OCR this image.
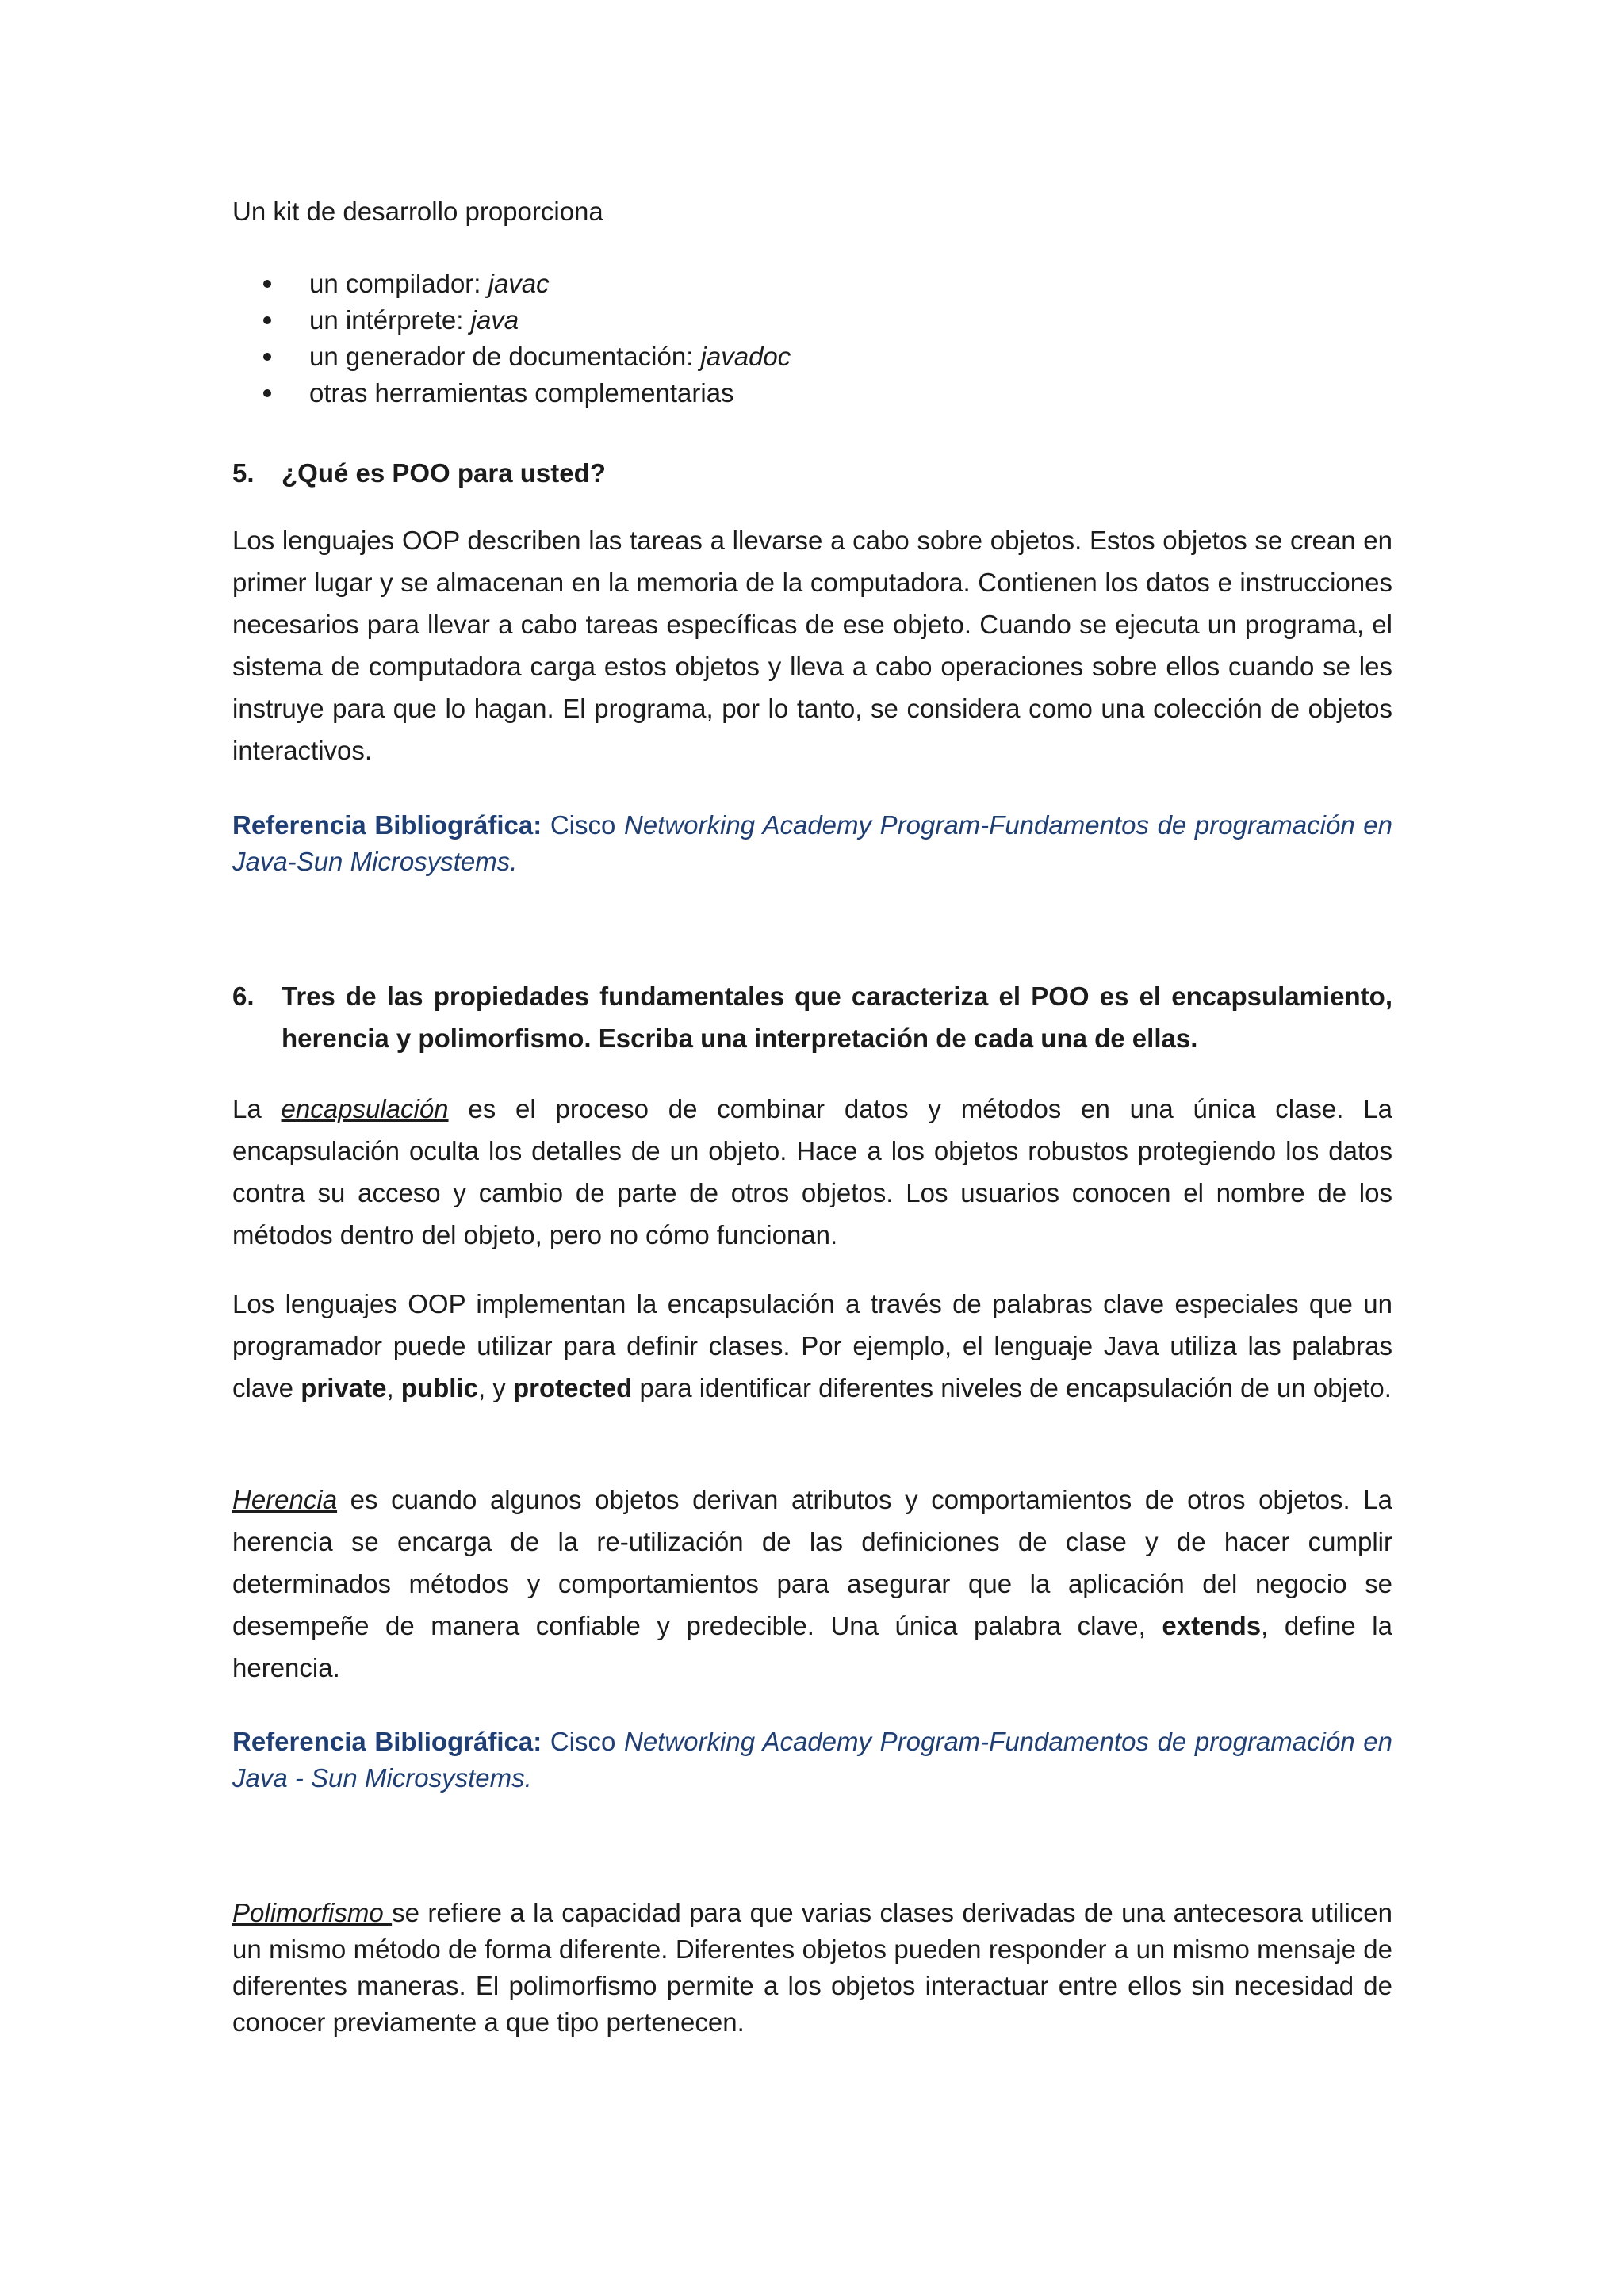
Un kit de desarrollo proporciona
un compilador: javac
un intérprete: java
un generador de documentación: javadoc
otras herramientas complementarias
5. ¿Qué es POO para usted?
Los lenguajes OOP describen las tareas a llevarse a cabo sobre objetos. Estos objetos se crean en primer lugar y se almacenan en la memoria de la computadora. Contienen los datos e instrucciones necesarios para llevar a cabo tareas específicas de ese objeto. Cuando se ejecuta un programa, el sistema de computadora carga estos objetos y lleva a cabo operaciones sobre ellos cuando se les instruye para que lo hagan. El programa, por lo tanto, se considera como una colección de objetos interactivos.
Referencia Bibliográfica: Cisco Networking Academy Program-Fundamentos de programación en Java-Sun Microsystems.
6. Tres de las propiedades fundamentales que caracteriza el POO es el encapsulamiento, herencia y polimorfismo. Escriba una interpretación de cada una de ellas.
La encapsulación es el proceso de combinar datos y métodos en una única clase. La encapsulación oculta los detalles de un objeto. Hace a los objetos robustos protegiendo los datos contra su acceso y cambio de parte de otros objetos. Los usuarios conocen el nombre de los métodos dentro del objeto, pero no cómo funcionan.
Los lenguajes OOP implementan la encapsulación a través de palabras clave especiales que un programador puede utilizar para definir clases. Por ejemplo, el lenguaje Java utiliza las palabras clave private, public, y protected para identificar diferentes niveles de encapsulación de un objeto.
Herencia es cuando algunos objetos derivan atributos y comportamientos de otros objetos. La herencia se encarga de la re-utilización de las definiciones de clase y de hacer cumplir determinados métodos y comportamientos para asegurar que la aplicación del negocio se desempeñe de manera confiable y predecible. Una única palabra clave, extends, define la herencia.
Referencia Bibliográfica: Cisco Networking Academy Program-Fundamentos de programación en Java - Sun Microsystems.
Polimorfismo se refiere a la capacidad para que varias clases derivadas de una antecesora utilicen un mismo método de forma diferente. Diferentes objetos pueden responder a un mismo mensaje de diferentes maneras. El polimorfismo permite a los objetos interactuar entre ellos sin necesidad de conocer previamente a que tipo pertenecen.
